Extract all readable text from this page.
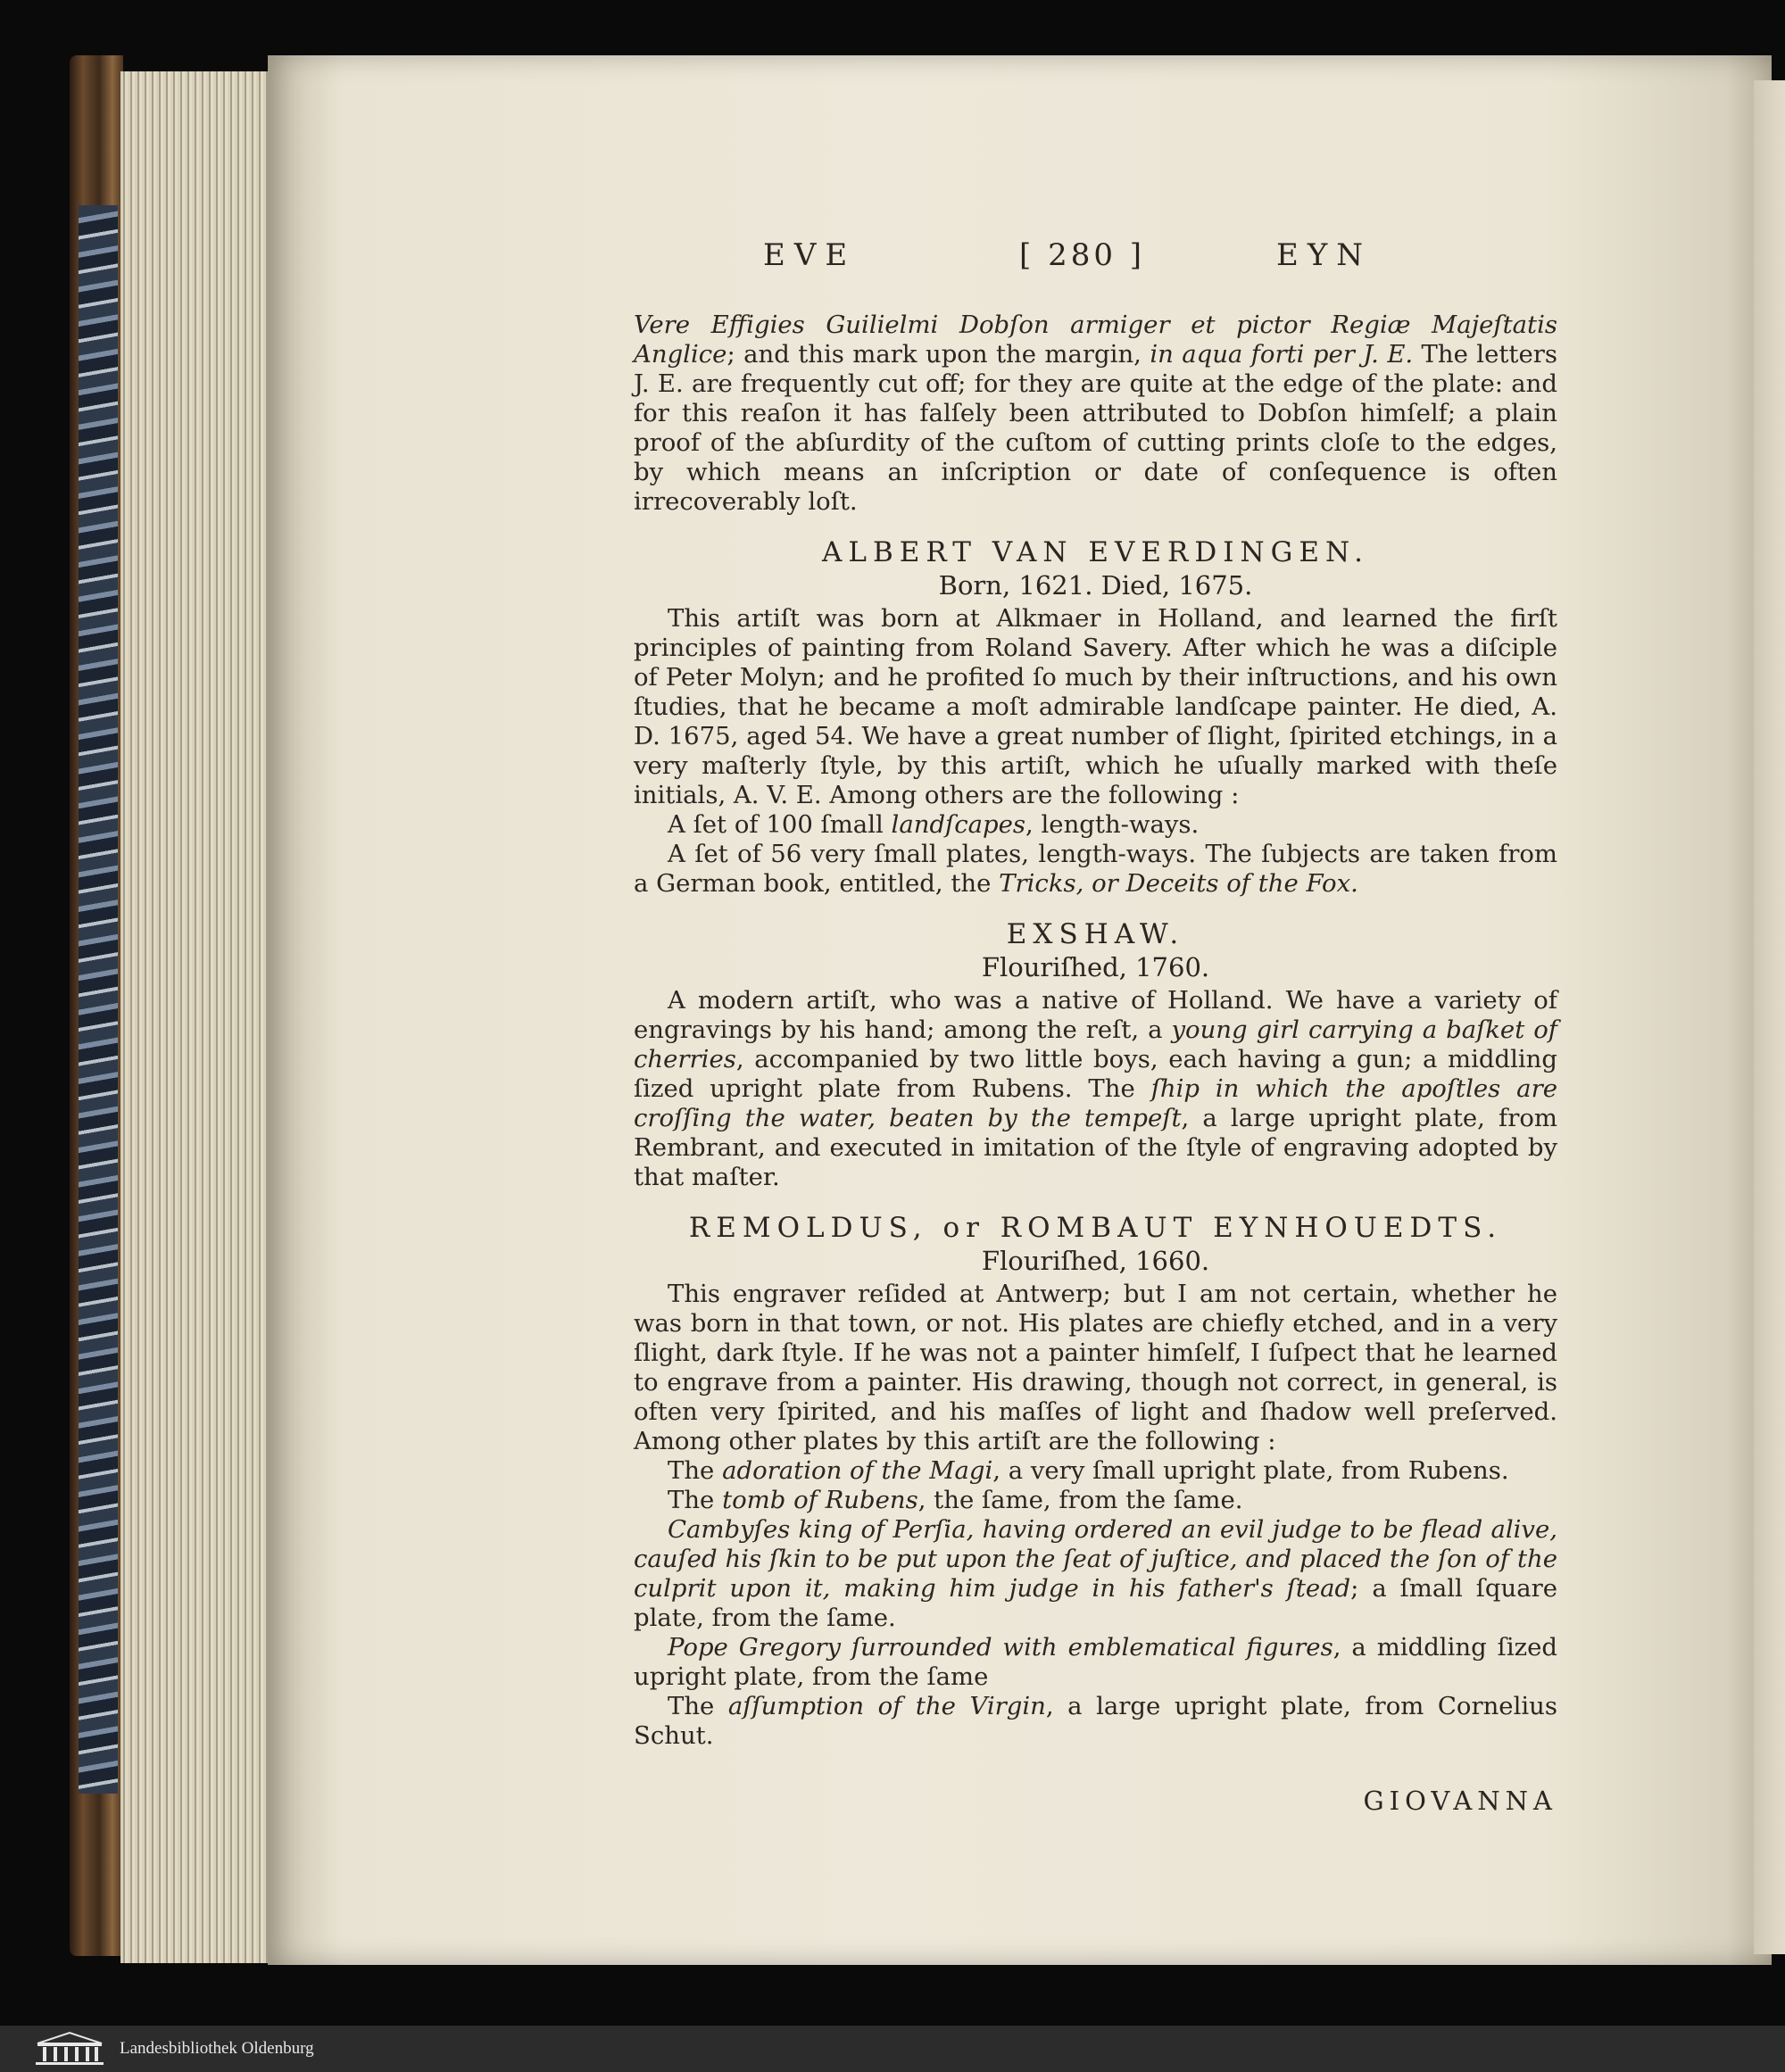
EVE	[ 280 ]	EYN

Vere Effigies Guilielmi Dobſon armiger et pictor Regiæ Majeſtatis Anglice; and this mark upon the margin, in aqua forti per J. E. The letters J. E. are frequently cut off; for they are quite at the edge of the plate: and for this reaſon it has falſely been attributed to Dobſon himſelf; a plain proof of the abſurdity of the cuſtom of cutting prints cloſe to the edges, by which means an inſcription or date of conſequence is often irrecoverably loſt.

ALBERT VAN EVERDINGEN.
Born, 1621. Died, 1675.

This artiſt was born at Alkmaer in Holland, and learned the firſt principles of painting from Roland Savery. After which he was a diſciple of Peter Molyn; and he profited ſo much by their inſtructions, and his own ſtudies, that he became a moſt admirable landſcape painter. He died, A. D. 1675, aged 54. We have a great number of ſlight, ſpirited etchings, in a very maſterly ſtyle, by this artiſt, which he uſually marked with theſe initials, A. V. E. Among others are the following :

A ſet of 100 ſmall landſcapes, length-ways.

A ſet of 56 very ſmall plates, length-ways. The ſubjects are taken from a German book, entitled, the Tricks, or Deceits of the Fox.

EXSHAW.
Flouriſhed, 1760.

A modern artiſt, who was a native of Holland. We have a variety of engravings by his hand; among the reſt, a young girl carrying a baſket of cherries, accompanied by two little boys, each having a gun; a middling ſized upright plate from Rubens. The ſhip in which the apoſtles are croſſing the water, beaten by the tempeſt, a large upright plate, from Rembrant, and executed in imitation of the ſtyle of engraving adopted by that maſter.

REMOLDUS, or ROMBAUT EYNHOUEDTS.
Flouriſhed, 1660.

This engraver reſided at Antwerp; but I am not certain, whether he was born in that town, or not. His plates are chiefly etched, and in a very ſlight, dark ſtyle. If he was not a painter himſelf, I ſuſpect that he learned to engrave from a painter. His drawing, though not correct, in general, is often very ſpirited, and his maſſes of light and ſhadow well preſerved. Among other plates by this artiſt are the following :

The adoration of the Magi, a very ſmall upright plate, from Rubens.

The tomb of Rubens, the ſame, from the ſame.

Cambyſes king of Perſia, having ordered an evil judge to be flead alive, cauſed his ſkin to be put upon the ſeat of juſtice, and placed the ſon of the culprit upon it, making him judge in his father's ſtead; a ſmall ſquare plate, from the ſame.

Pope Gregory ſurrounded with emblematical figures, a middling ſized upright plate, from the ſame

The aſſumption of the Virgin, a large upright plate, from Cornelius Schut.

GIOVANNA
Landesbibliothek Oldenburg
